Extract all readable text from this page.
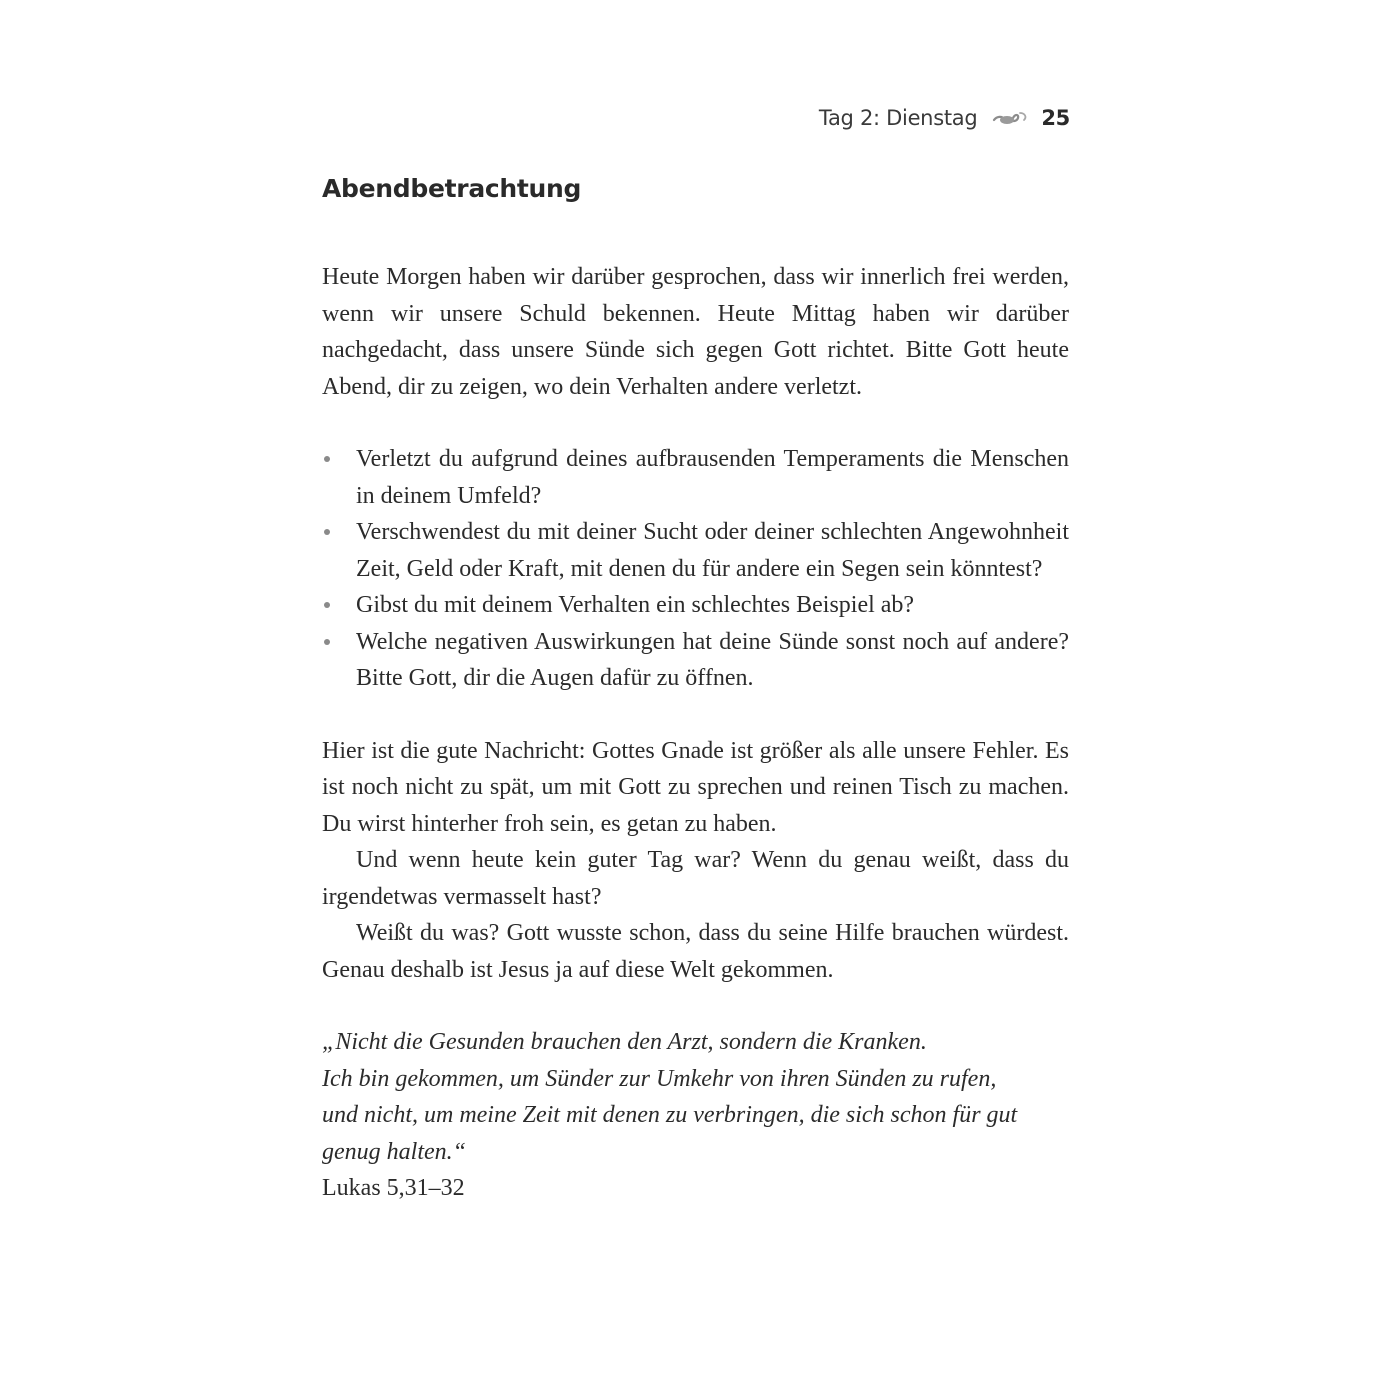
Tag 2: Dienstag	25
Abendbetrachtung

Heute Morgen haben wir darüber gesprochen, dass wir innerlich frei werden, wenn wir unsere Schuld bekennen. Heute Mittag haben wir darüber nachgedacht, dass unsere Sünde sich gegen Gott richtet. Bitte Gott heute Abend, dir zu zeigen, wo dein Verhalten andere verletzt.

Verletzt du aufgrund deines aufbrausenden Temperaments die Menschen in deinem Umfeld?
Verschwendest du mit deiner Sucht oder deiner schlechten Angewohnheit Zeit, Geld oder Kraft, mit denen du für andere ein Segen sein könntest?
Gibst du mit deinem Verhalten ein schlechtes Beispiel ab?
Welche negativen Auswirkungen hat deine Sünde sonst noch auf andere? Bitte Gott, dir die Augen dafür zu öffnen.

Hier ist die gute Nachricht: Gottes Gnade ist größer als alle unsere Fehler. Es ist noch nicht zu spät, um mit Gott zu sprechen und reinen Tisch zu machen. Du wirst hinterher froh sein, es getan zu haben.

Und wenn heute kein guter Tag war? Wenn du genau weißt, dass du irgendetwas vermasselt hast?

Weißt du was? Gott wusste schon, dass du seine Hilfe brauchen würdest. Genau deshalb ist Jesus ja auf diese Welt gekommen.

„Nicht die Gesunden brauchen den Arzt, sondern die Kranken.
Ich bin gekommen, um Sünder zur Umkehr von ihren Sünden zu rufen,
und nicht, um meine Zeit mit denen zu verbringen, die sich schon für gut
genug halten.“

Lukas 5,31–32
